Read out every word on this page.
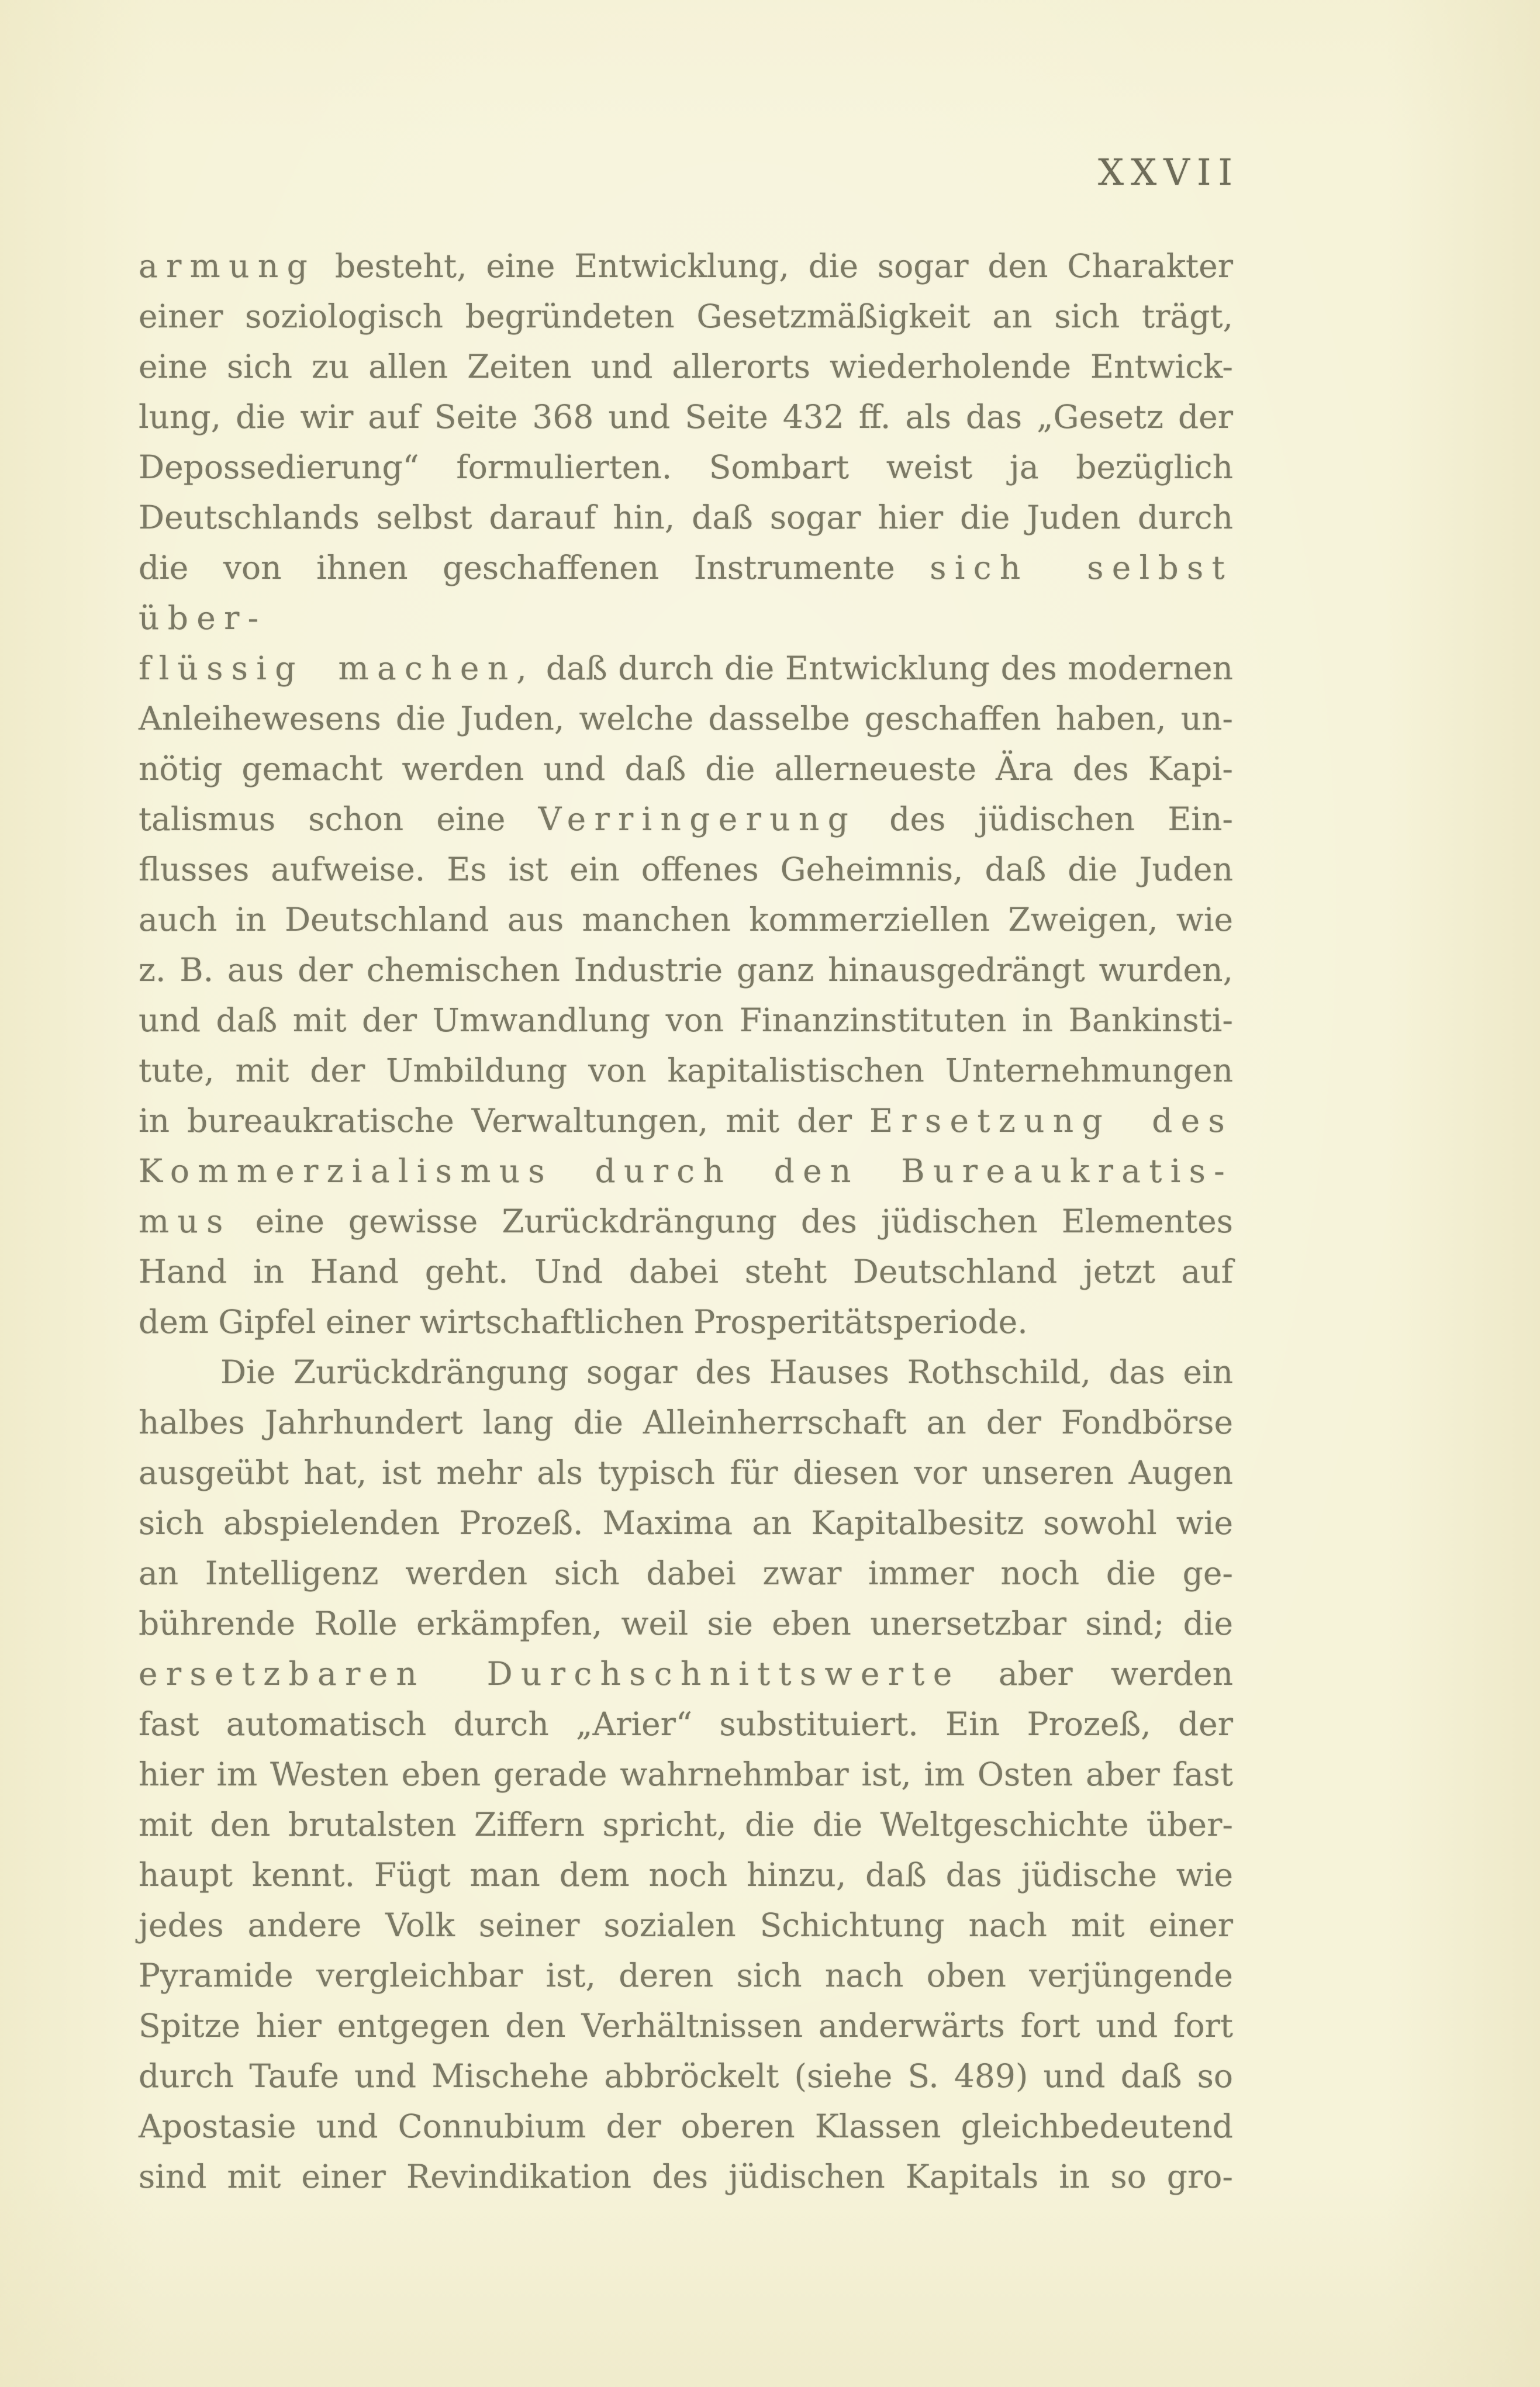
XXVII
armung besteht, eine Entwicklung, die sogar den Charakter
einer soziologisch begründeten Gesetzmäßigkeit an sich trägt,
eine sich zu allen Zeiten und allerorts wiederholende Entwick-
lung, die wir auf Seite 368 und Seite 432 ff. als das „Gesetz der
Depossedierung“ formulierten. Sombart weist ja bezüglich
Deutschlands selbst darauf hin, daß sogar hier die Juden durch
die von ihnen geschaffenen Instrumente sich selbst über-
flüssig machen, daß durch die Entwicklung des modernen
Anleihewesens die Juden, welche dasselbe geschaffen haben, un-
nötig gemacht werden und daß die allerneueste Ära des Kapi-
talismus schon eine Verringerung des jüdischen Ein-
flusses aufweise. Es ist ein offenes Geheimnis, daß die Juden
auch in Deutschland aus manchen kommerziellen Zweigen, wie
z. B. aus der chemischen Industrie ganz hinausgedrängt wurden,
und daß mit der Umwandlung von Finanzinstituten in Bankinsti-
tute, mit der Umbildung von kapitalistischen Unternehmungen
in bureaukratische Verwaltungen, mit der Ersetzung des
Kommerzialismus durch den Bureaukratis-
mus eine gewisse Zurückdrängung des jüdischen Elementes
Hand in Hand geht. Und dabei steht Deutschland jetzt auf
dem Gipfel einer wirtschaftlichen Prosperitätsperiode.
Die Zurückdrängung sogar des Hauses Rothschild, das ein
halbes Jahrhundert lang die Alleinherrschaft an der Fondbörse
ausgeübt hat, ist mehr als typisch für diesen vor unseren Augen
sich abspielenden Prozeß. Maxima an Kapitalbesitz sowohl wie
an Intelligenz werden sich dabei zwar immer noch die ge-
bührende Rolle erkämpfen, weil sie eben unersetzbar sind; die
ersetzbaren Durchschnittswerte aber werden
fast automatisch durch „Arier“ substituiert. Ein Prozeß, der
hier im Westen eben gerade wahrnehmbar ist, im Osten aber fast
mit den brutalsten Ziffern spricht, die die Weltgeschichte über-
haupt kennt. Fügt man dem noch hinzu, daß das jüdische wie
jedes andere Volk seiner sozialen Schichtung nach mit einer
Pyramide vergleichbar ist, deren sich nach oben verjüngende
Spitze hier entgegen den Verhältnissen anderwärts fort und fort
durch Taufe und Mischehe abbröckelt (siehe S. 489) und daß so
Apostasie und Connubium der oberen Klassen gleichbedeutend
sind mit einer Revindikation des jüdischen Kapitals in so gro-
